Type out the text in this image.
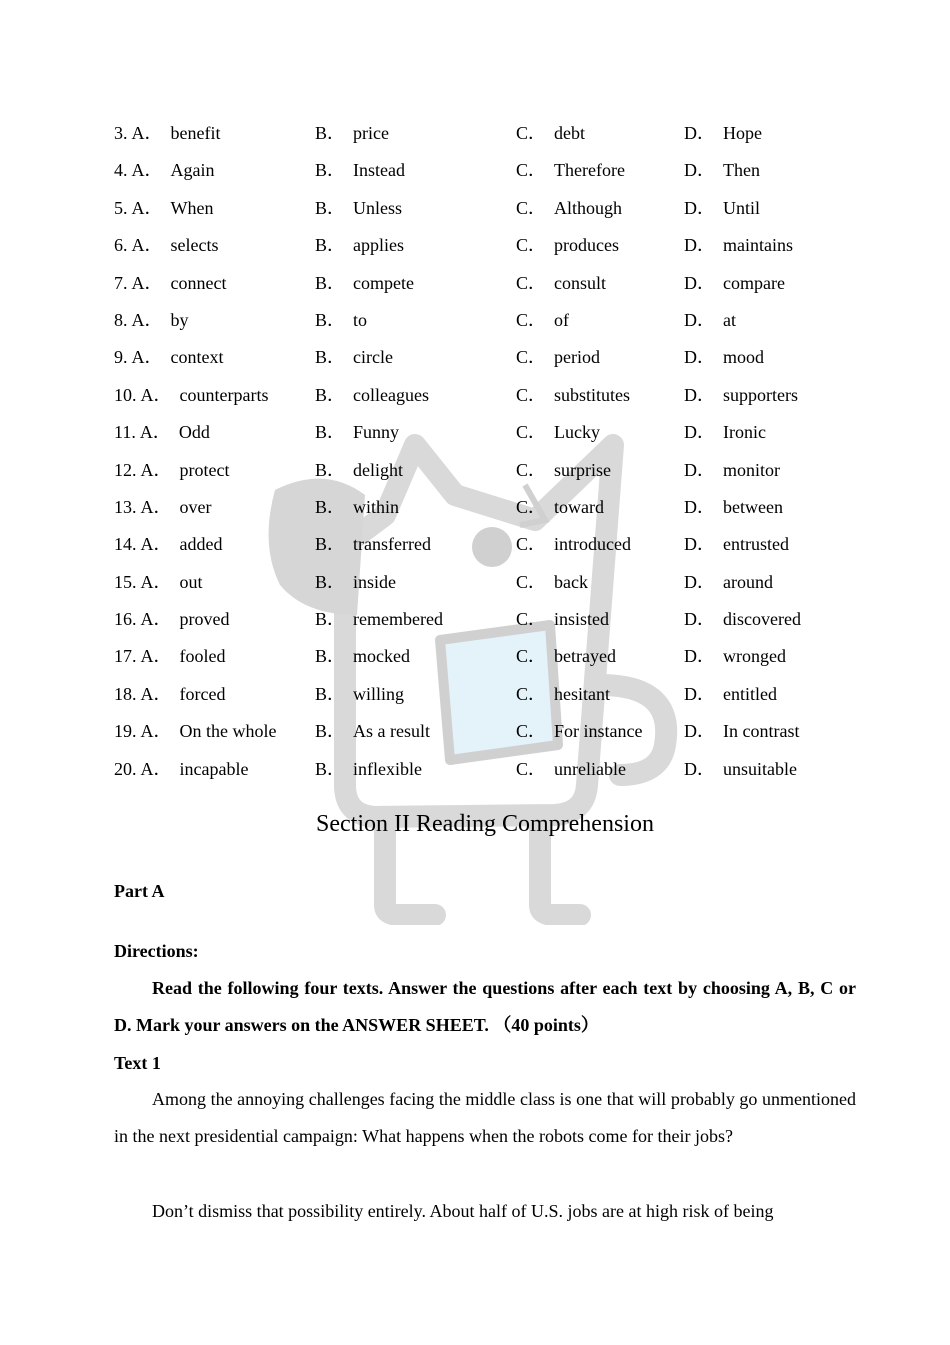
3. A． benefit	B． price	C． debt	D． Hope
4. A． Again	B． Instead	C． Therefore	D． Then
5. A． When	B． Unless	C． Although	D． Until
6. A． selects	B． applies	C． produces	D． maintains
7. A． connect	B． compete	C． consult	D． compare
8. A． by	B． to	C． of	D． at
9. A． context	B． circle	C． period	D． mood
10. A． counterparts	B． colleagues	C． substitutes	D． supporters
11. A． Odd	B． Funny	C． Lucky	D． Ironic
12. A． protect	B． delight	C． surprise	D． monitor
13. A． over	B． within	C． toward	D． between
14. A． added	B． transferred	C． introduced	D． entrusted
15. A． out	B． inside	C． back	D． around
16. A． proved	B． remembered	C． insisted	D． discovered
17. A． fooled	B． mocked	C． betrayed	D． wronged
18. A． forced	B． willing	C． hesitant	D． entitled
19. A． On the whole B． As a result	C． For instance D． In contrast
20. A． incapable	B． inflexible	C． unreliable	D． unsuitable
Section II Reading Comprehension
Part A
Directions:
Read the following four texts. Answer the questions after each text by choosing A, B, C or D. Mark your answers on the ANSWER SHEET. （40 points）
Text 1
Among the annoying challenges facing the middle class is one that will probably go unmentioned in the next presidential campaign: What happens when the robots come for their jobs?
Don’t dismiss that possibility entirely. About half of U.S. jobs are at high risk of being
